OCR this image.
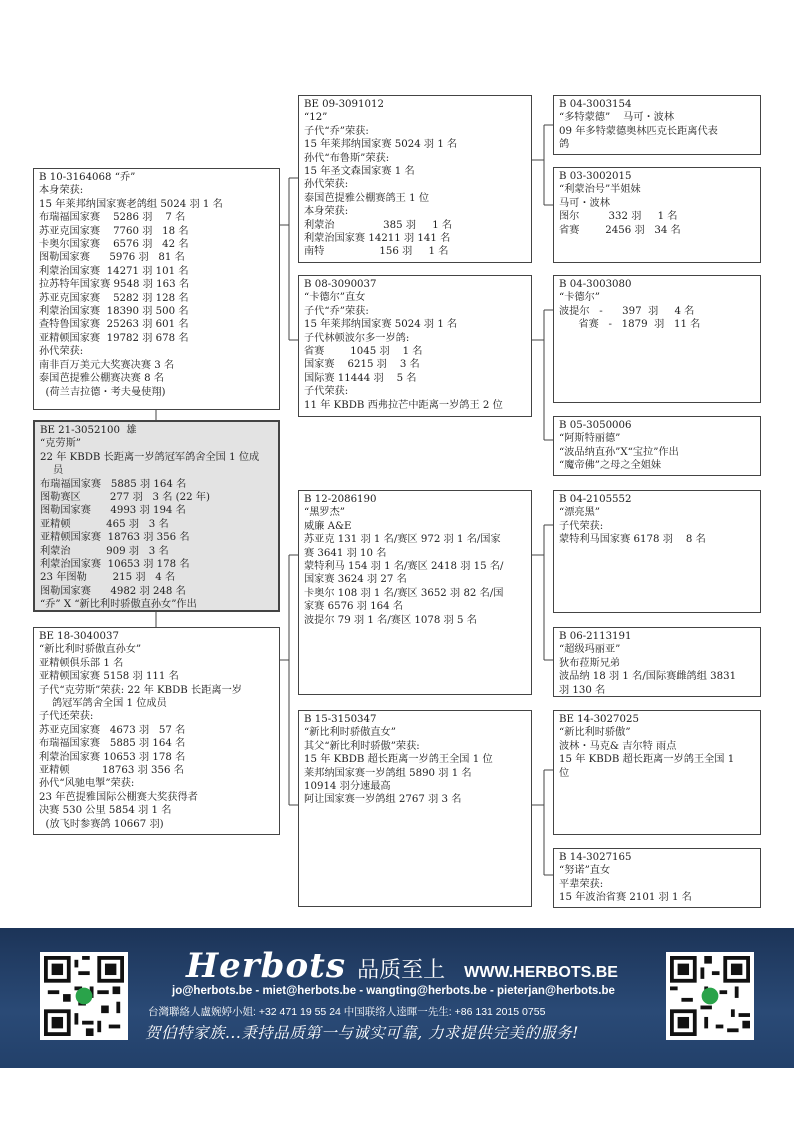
B 10-3164068 “乔”
本身荣获:
15 年莱邦纳国家赛老鸽组 5024 羽 1 名
布瑞福国家赛    5286 羽    7 名
苏亚克国家赛    7760 羽   18 名
卡奥尔国家赛    6576 羽   42 名
图勒国家赛      5976 羽   81 名
利蒙治国家赛  14271 羽 101 名
拉苏特年国家赛 9548 羽 163 名
苏亚克国家赛    5282 羽 128 名
利蒙治国家赛  18390 羽 500 名
查特鲁国家赛  25263 羽 601 名
亚精顿国家赛  19782 羽 678 名
孙代荣获:
南非百万美元大奖赛决赛 3 名
泰国芭提雅公棚赛决赛 8 名
(荷兰吉拉德・考夫曼使翔)
BE 21-3052100  雄
“克劳斯”
22 年 KBDB 长距离一岁鸽冠军鸽舍全国 1 位成
员
布瑞福国家赛   5885 羽 164 名
图勒赛区         277 羽   3 名 (22 年)
图勒国家赛      4993 羽 194 名
亚精顿           465 羽   3 名
亚精顿国家赛  18763 羽 356 名
利蒙治           909 羽   3 名
利蒙治国家赛  10653 羽 178 名
23 年图勒        215 羽   4 名
图勒国家赛      4982 羽 248 名
“乔” X “新比利时骄傲直孙女”作出
BE 18-3040037
“新比利时骄傲直孙女”
亚精顿俱乐部 1 名
亚精顿国家赛 5158 羽 111 名
子代“克劳斯”荣获: 22 年 KBDB 长距离一岁
鸽冠军鸽舍全国 1 位成员
子代还荣获:
苏亚克国家赛   4673 羽   57 名
布瑞福国家赛   5885 羽 164 名
利蒙治国家赛 10653 羽 178 名
亚精顿          18763 羽 356 名
孙代“风驰电掣”荣获:
23 年芭提雅国际公棚赛大奖获得者
决赛 530 公里 5854 羽 1 名
(放飞时参赛鸽 10667 羽)
BE 09-3091012
“12”
子代“乔”荣获:
15 年莱邦纳国家赛 5024 羽 1 名
孙代“布鲁斯”荣获:
15 年圣文森国家赛 1 名
孙代荣获:
泰国芭提雅公棚赛鸽王 1 位
本身荣获:
利蒙治               385 羽     1 名
利蒙治国家赛 14211 羽 141 名
南特                 156 羽     1 名
B 08-3090037
“卡德尔”直女
子代“乔”荣获:
15 年莱邦纳国家赛 5024 羽 1 名
子代林顿波尔多一岁鸽:
省赛        1045 羽    1 名
国家赛    6215 羽    3 名
国际赛 11444 羽    5 名
子代荣获:
11 年 KBDB 西弗拉芒中距离一岁鸽王 2 位
B 12-2086190
“黑罗杰”
威廉 A&E
苏亚克 131 羽 1 名/赛区 972 羽 1 名/国家
赛 3641 羽 10 名
蒙特利马 154 羽 1 名/赛区 2418 羽 15 名/
国家赛 3624 羽 27 名
卡奥尔 108 羽 1 名/赛区 3652 羽 82 名/国
家赛 6576 羽 164 名
波提尔 79 羽 1 名/赛区 1078 羽 5 名
B 15-3150347
“新比利时骄傲直女”
其父“新比利时骄傲”荣获:
15 年 KBDB 超长距离一岁鸽王全国 1 位
莱邦纳国家赛一岁鸽组 5890 羽 1 名
10914 羽分速最高
阿让国家赛一岁鸽组 2767 羽 3 名
B 04-3003154
“多特蒙德”    马可・波林
09 年多特蒙德奥林匹克长距离代表
鸽
B 03-3002015
“利蒙治号”半姐妹
马可・波林
图尔         332 羽     1 名
省赛        2456 羽   34 名
B 04-3003080
“卡德尔”
波提尔   -      397  羽     4 名
省赛   -   1879  羽   11 名
B 05-3050006
“阿斯特丽德”
“波品纳直孙”X“宝拉”作出
“魔帝佛”之母之全姐妹
B 04-2105552
“漂亮黑”
子代荣获:
蒙特利马国家赛 6178 羽    8 名
B 06-2113191
“超级玛丽亚”
狄布菈斯兄弟
波品纳 18 羽 1 名/国际赛雌鸽组 3831
羽 130 名
BE 14-3027025
“新比利时骄傲”
波林・马克& 吉尔特 雨点
15 年 KBDB 超长距离一岁鸽王全国 1
位
B 14-3027165
“努诺”直女
平辈荣获:
15 年波治省赛 2101 羽 1 名
Herbots 品质至上 WWW.HERBOTS.BE
jo@herbots.be - miet@herbots.be - wangting@herbots.be - pieterjan@herbots.be
台灣聯絡人盧婉婷小姐: +32 471 19 55 24 中国联络人逵暉一先生: +86 131 2015 0755
贺伯特家族...秉持品质第一与诚实可靠, 力求提供完美的服务!
